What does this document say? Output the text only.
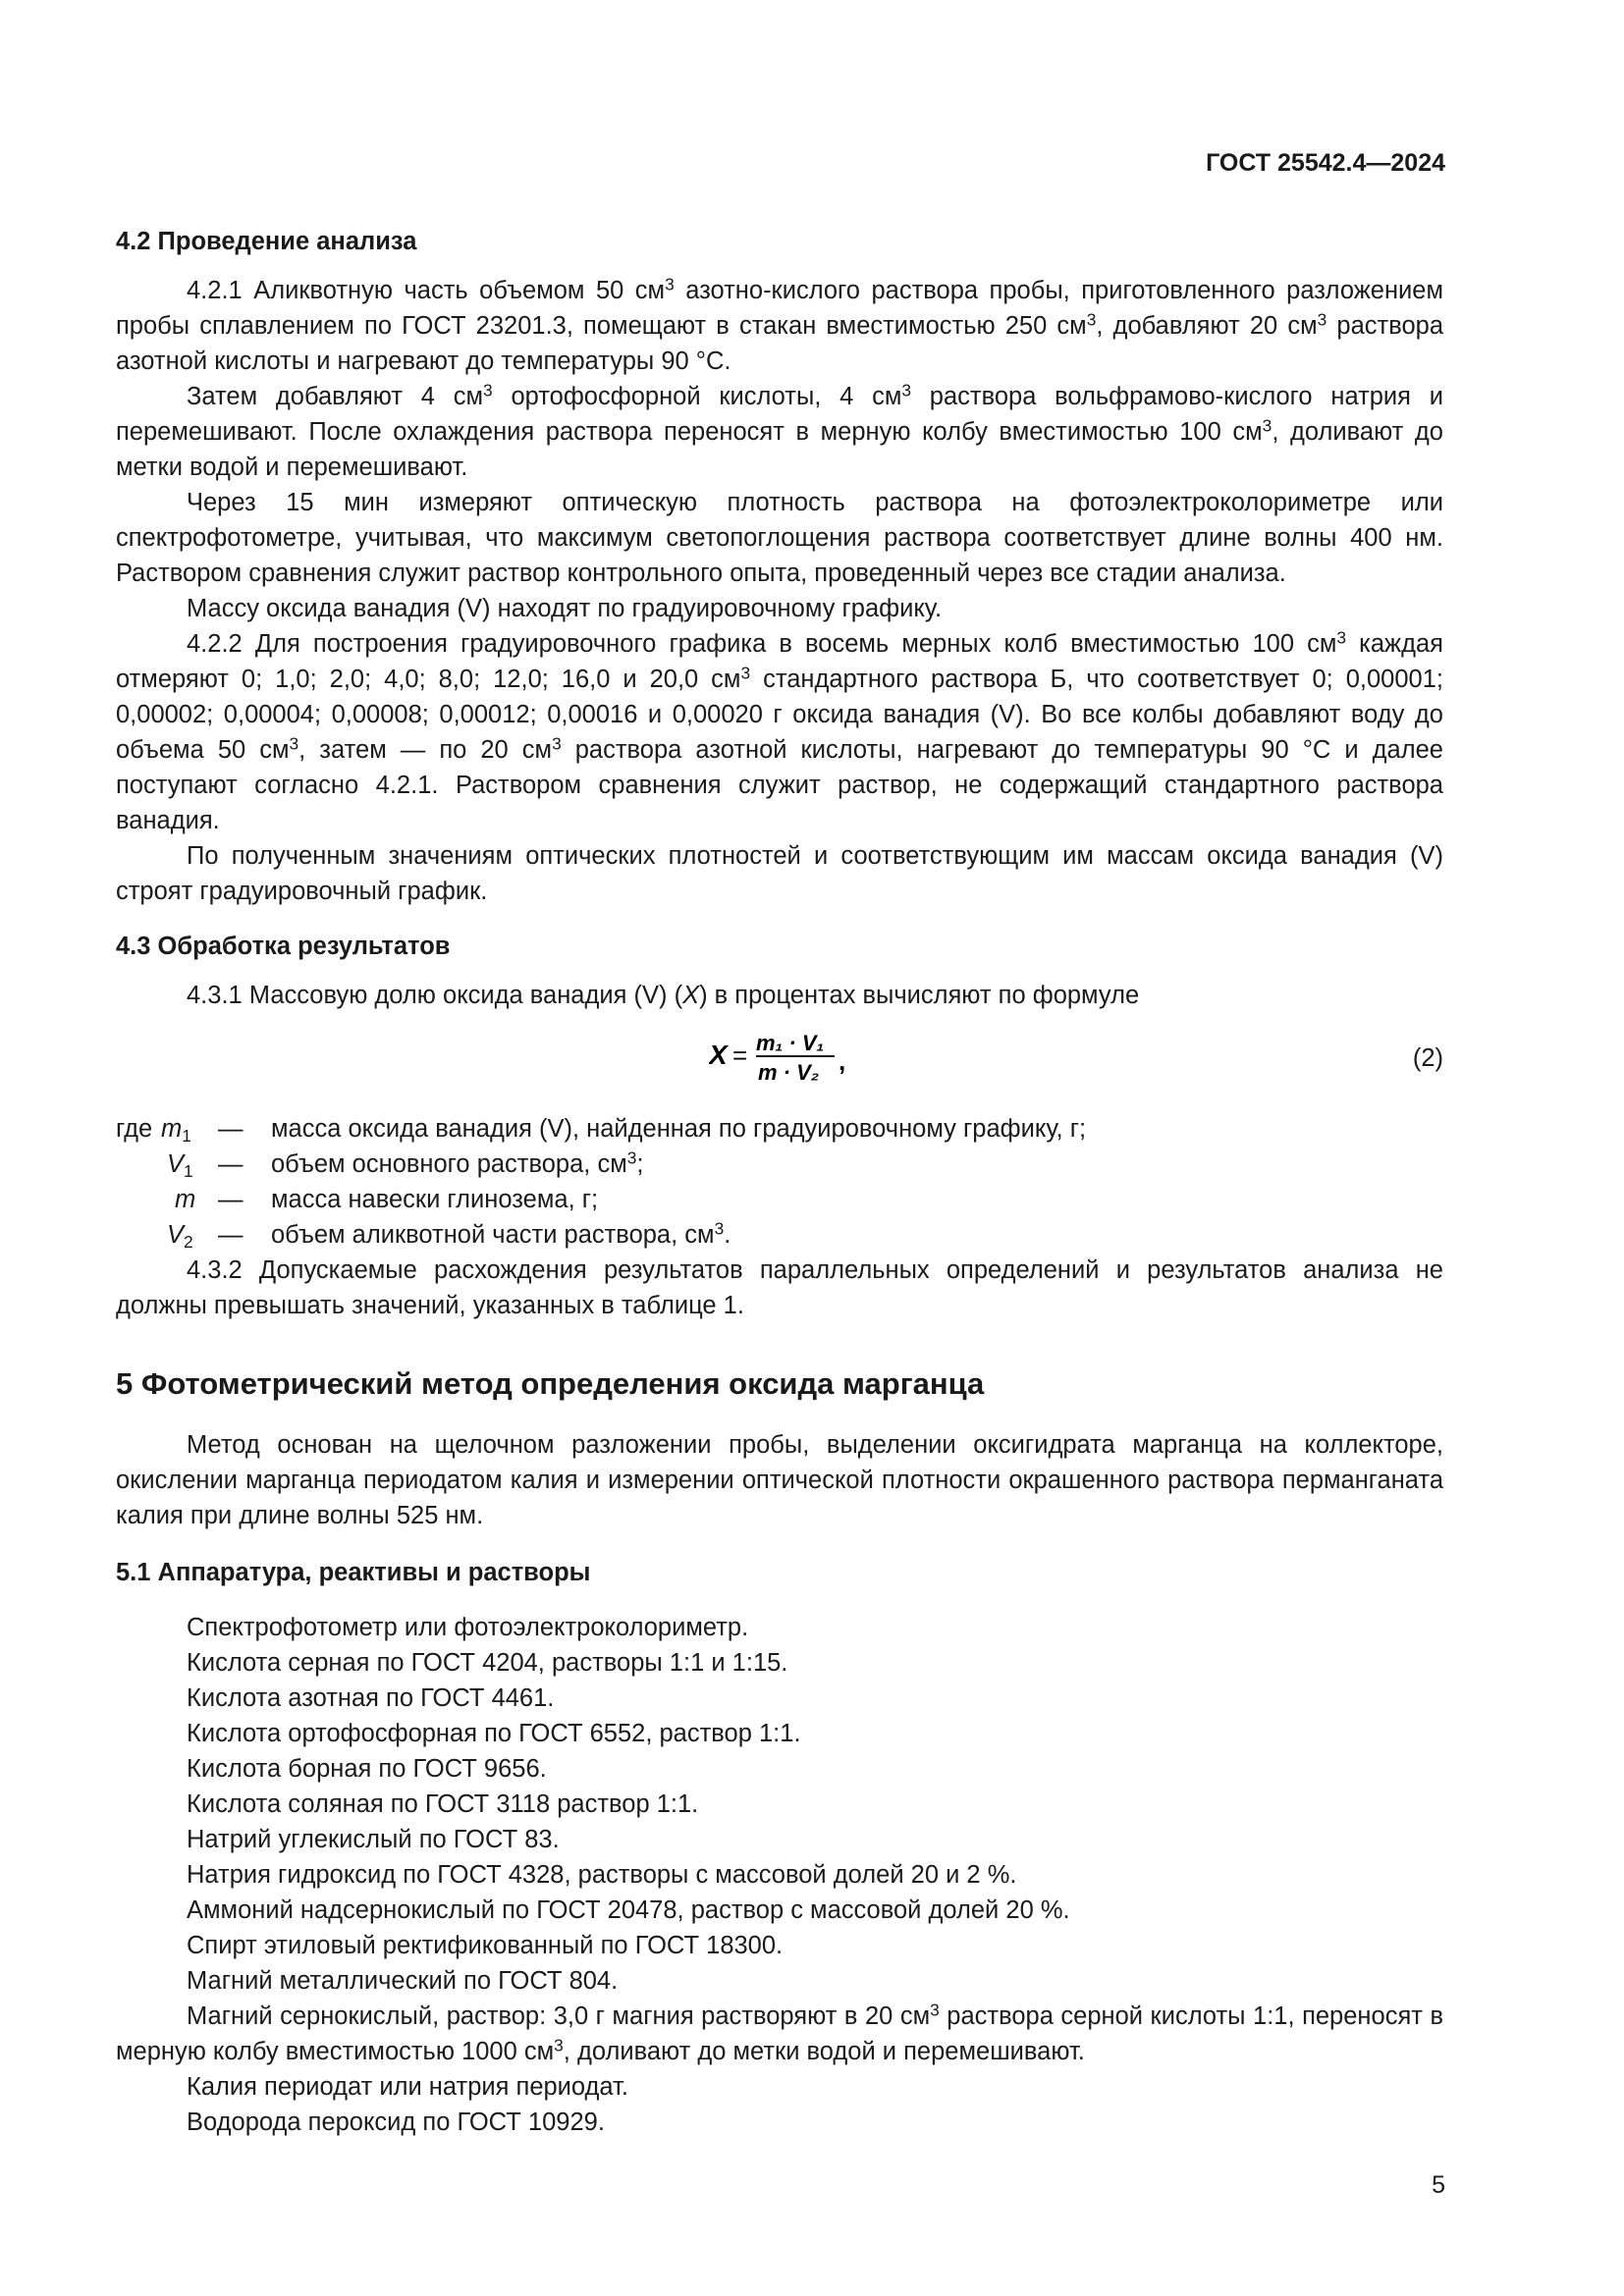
ГОСТ 25542.4—2024

4.2 Проведение анализа

4.2.1 Аликвотную часть объемом 50 $см^3$ азотно-кислого раствора пробы, приготовленного разложением пробы сплавлением по ГОСТ 23201.3, помещают в стакан вместимостью 250 $см^3$, добавляют 20 $см^3$ раствора азотной кислоты и нагревают до температуры 90 °С.

Затем добавляют 4 $см^3$ ортофосфорной кислоты, 4 $см^3$ раствора вольфрамово-кислого натрия и перемешивают. После охлаждения раствора переносят в мерную колбу вместимостью 100 $см^3$, доливают до метки водой и перемешивают.

Через 15 мин измеряют оптическую плотность раствора на фотоэлектроколориметре или спектрофотометре, учитывая, что максимум светопоглощения раствора соответствует длине волны 400 нм. Раствором сравнения служит раствор контрольного опыта, проведенный через все стадии анализа.

Массу оксида ванадия (V) находят по градуировочному графику.

4.2.2 Для построения градуировочного графика в восемь мерных колб вместимостью 100 $см^3$ каждая отмеряют 0; 1,0; 2,0; 4,0; 8,0; 12,0; 16,0 и 20,0 $см^3$ стандартного раствора Б, что соответствует 0; 0,00001; 0,00002; 0,00004; 0,00008; 0,00012; 0,00016 и 0,00020 г оксида ванадия (V). Во все колбы добавляют воду до объема 50 $см^3$, затем — по 20 $см^3$ раствора азотной кислоты, нагревают до температуры 90 °С и далее поступают согласно 4.2.1. Раствором сравнения служит раствор, не содержащий стандартного раствора ванадия.

По полученным значениям оптических плотностей и соответствующим им массам оксида ванадия (V) строят градуировочный график.

4.3 Обработка результатов

4.3.1 Массовую долю оксида ванадия (V) (X) в процентах вычисляют по формуле

X = m₁ · V₁
m · V₂ ,	(2)
где $m_1$ — масса оксида ванадия (V), найденная по градуировочному графику, г;
$V_1$ — объем основного раствора, $см^3$;
m — масса навески глинозема, г;
$V_2$ — объем аликвотной части раствора, $см^3$.

4.3.2 Допускаемые расхождения результатов параллельных определений и результатов анализа не должны превышать значений, указанных в таблице 1.

5 Фотометрический метод определения оксида марганца

Метод основан на щелочном разложении пробы, выделении оксигидрата марганца на коллекторе, окислении марганца периодатом калия и измерении оптической плотности окрашенного раствора перманганата калия при длине волны 525 нм.

5.1 Аппаратура, реактивы и растворы

Спектрофотометр или фотоэлектроколориметр.

Кислота серная по ГОСТ 4204, растворы 1:1 и 1:15.

Кислота азотная по ГОСТ 4461.

Кислота ортофосфорная по ГОСТ 6552, раствор 1:1.

Кислота борная по ГОСТ 9656.

Кислота соляная по ГОСТ 3118 раствор 1:1.

Натрий углекислый по ГОСТ 83.

Натрия гидроксид по ГОСТ 4328, растворы с массовой долей 20 и 2 %.

Аммоний надсернокислый по ГОСТ 20478, раствор с массовой долей 20 %.

Спирт этиловый ректификованный по ГОСТ 18300.

Магний металлический по ГОСТ 804.

Магний сернокислый, раствор: 3,0 г магния растворяют в 20 $см^3$ раствора серной кислоты 1:1, переносят в мерную колбу вместимостью 1000 $см^3$, доливают до метки водой и перемешивают.

Калия периодат или натрия периодат.

Водорода пероксид по ГОСТ 10929.

5
